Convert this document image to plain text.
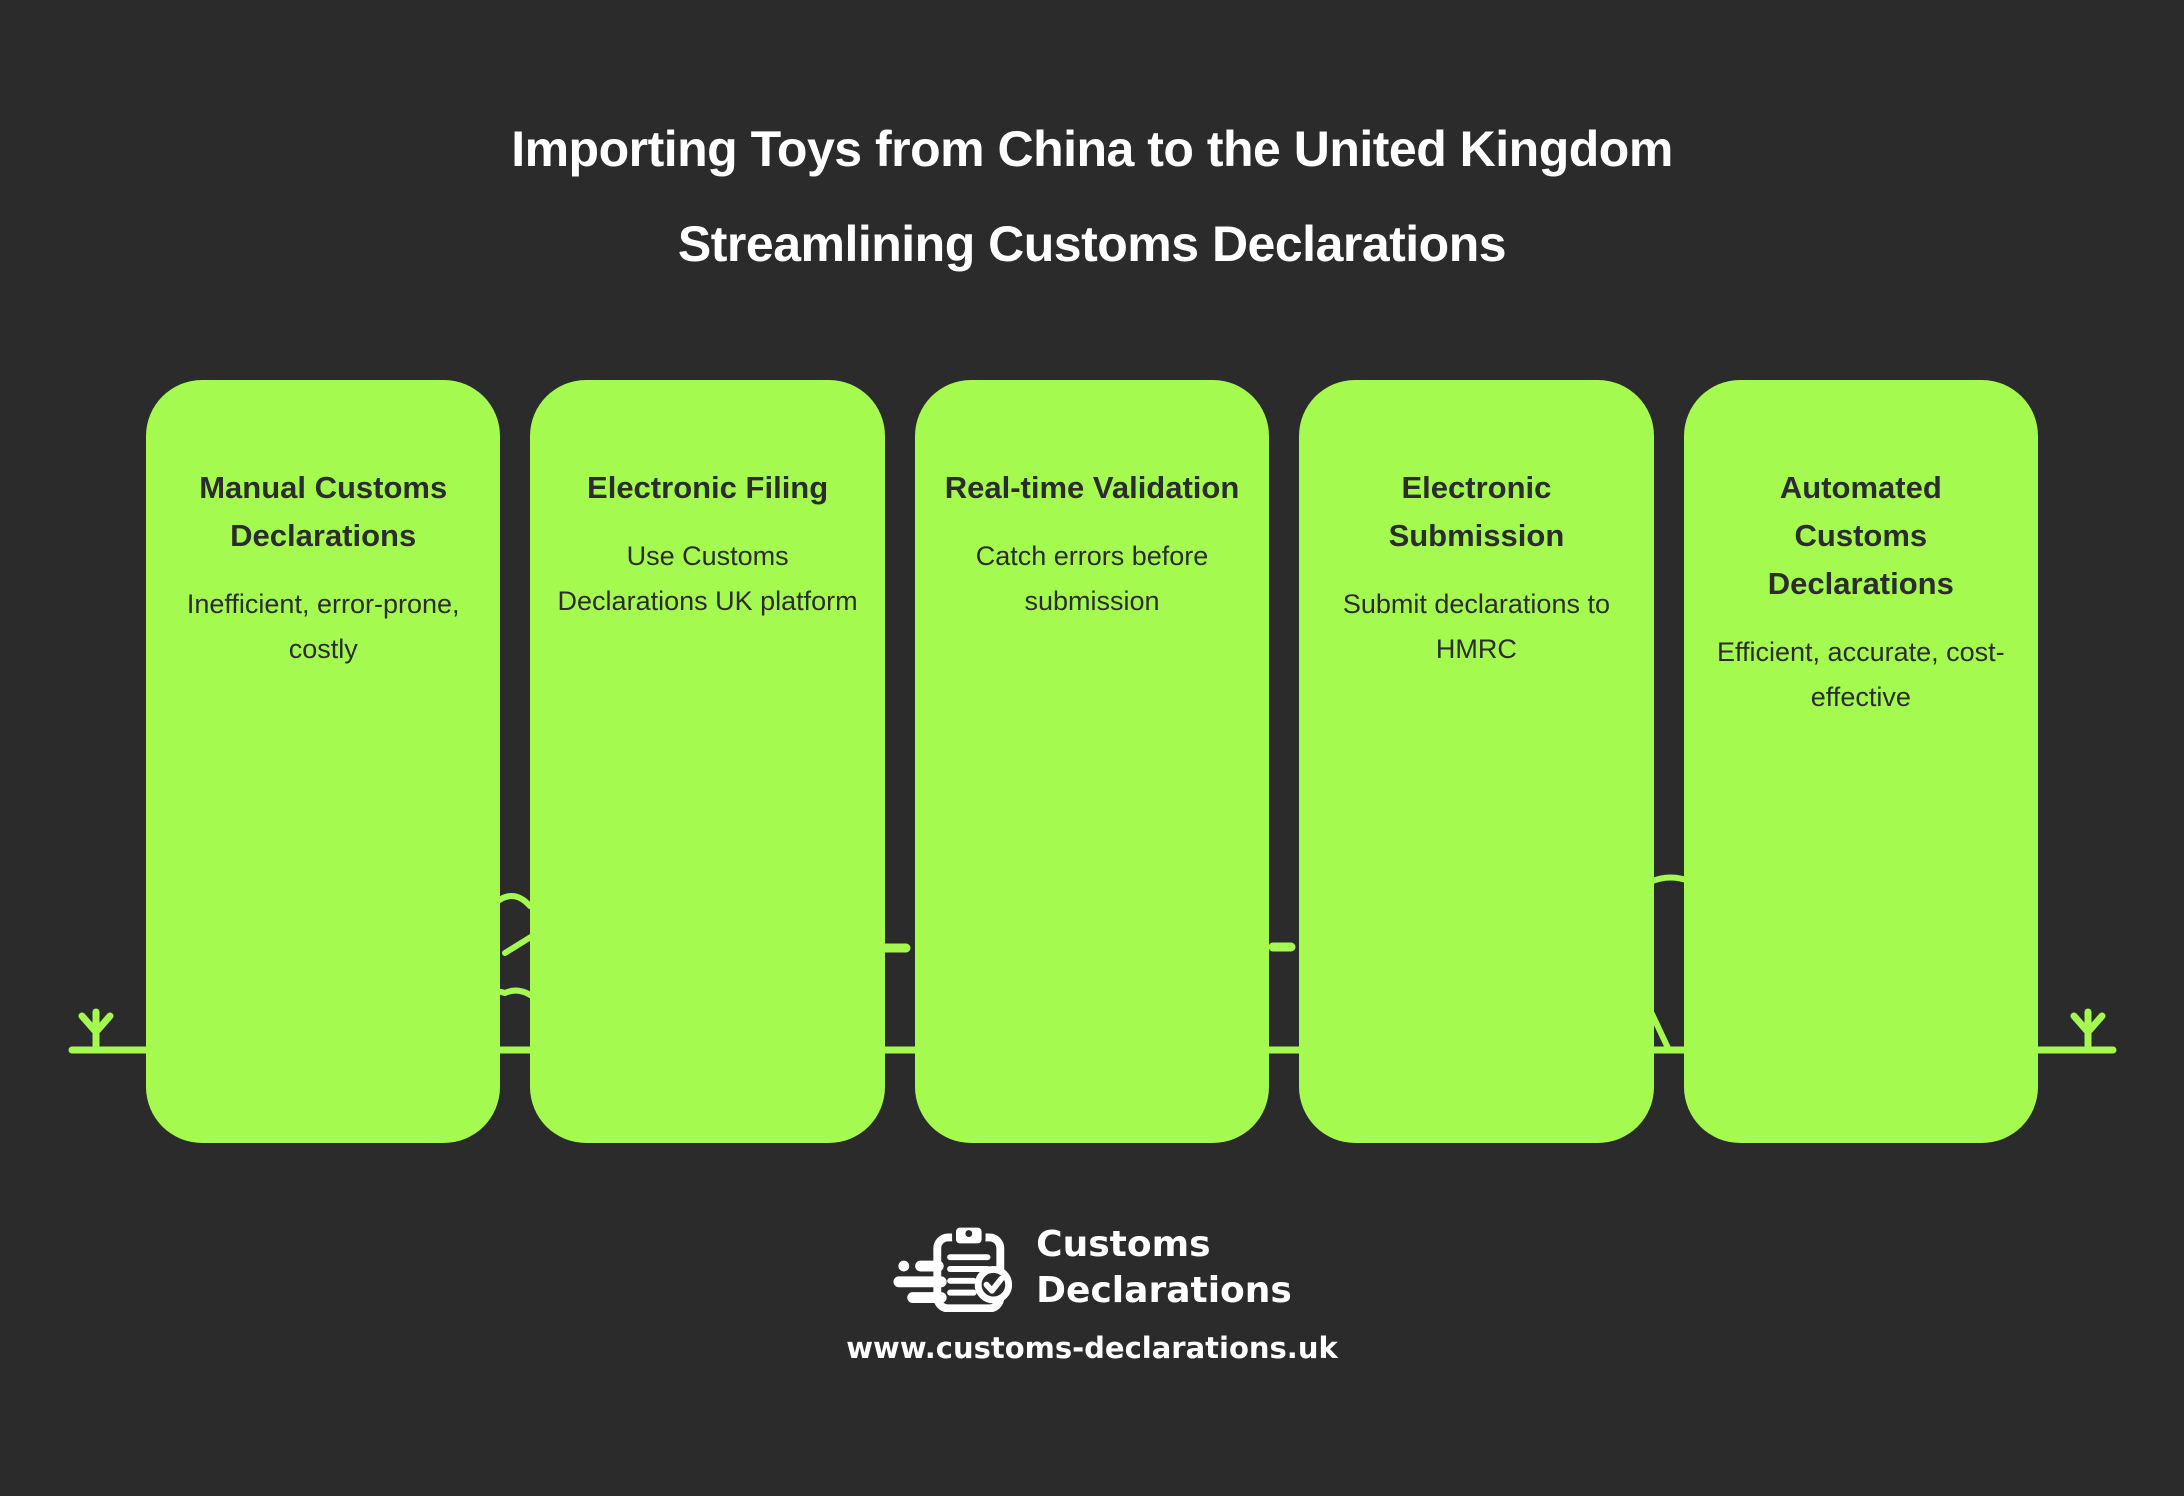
Importing Toys from China to the United Kingdom
Streamlining Customs Declarations
Manual Customs Declarations

Inefficient, error-prone, costly

Electronic Filing

Use Customs Declarations UK platform

Real-time Validation

Catch errors before submission

Electronic Submission

Submit declarations to HMRC

Automated Customs Declarations

Efficient, accurate, cost-effective

Customs
Declarations
www.customs-declarations.uk
